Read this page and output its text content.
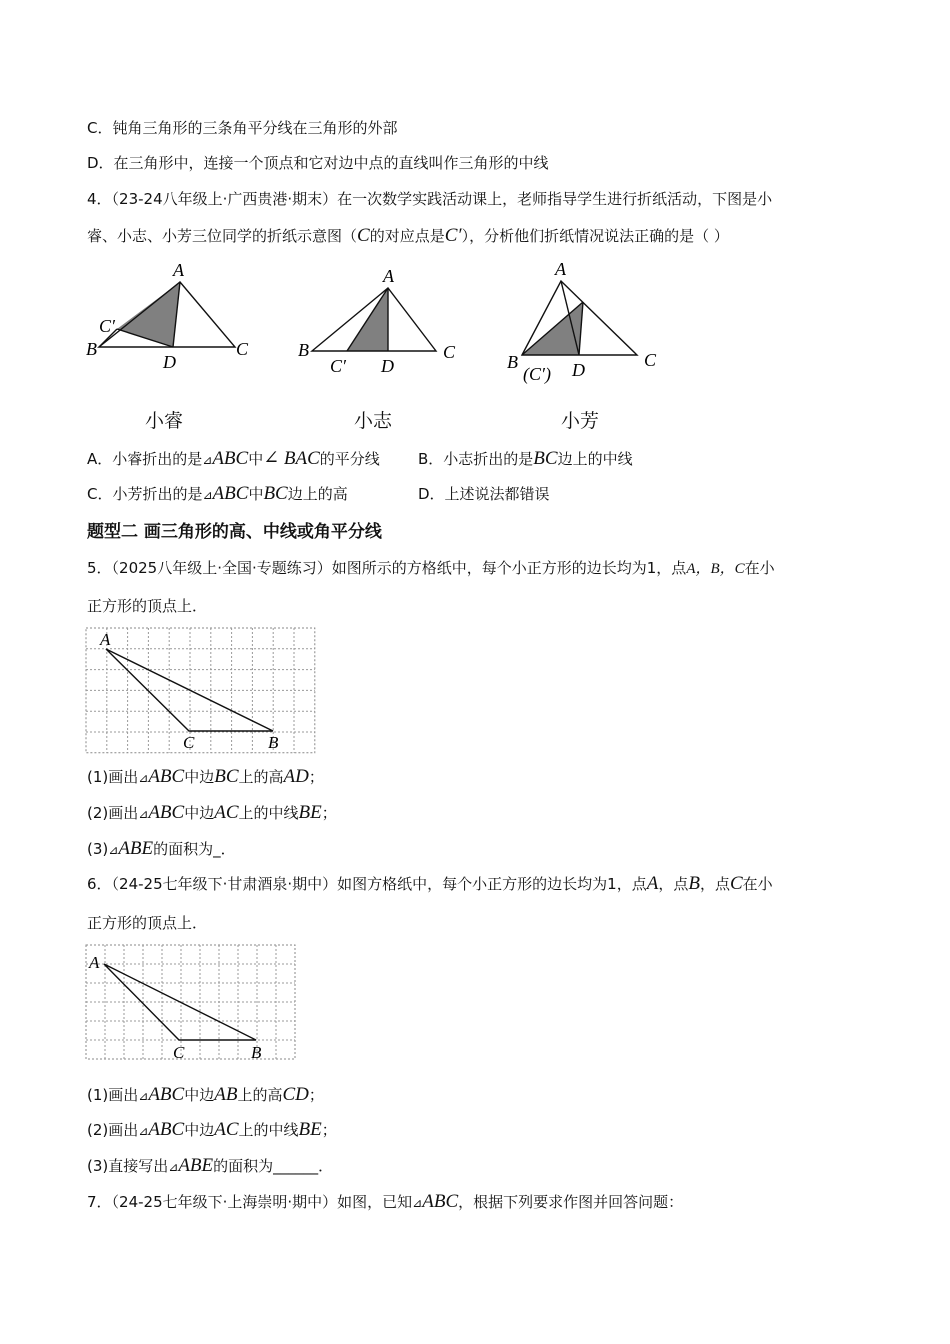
C．钝角三角形的三条角平分线在三角形的外部
D．在三角形中，连接一个顶点和它对边中点的直线叫作三角形的中线
4．（23-24八年级上·广西贵港·期末）在一次数学实践活动课上，老师指导学生进行折纸活动，下图是小
睿、小志、小芳三位同学的折纸示意图（C的对应点是C′），分析他们折纸情况说法正确的是（ ）
A
C′
B
D
C
小睿
A
B
C′ D
C
小志
A
B
(C′) D	C
小芳
A．小睿折出的是⊿ABC中∠ BAC的平分线	B．小志折出的是BC边上的中线
C．小芳折出的是⊿ABC中BC边上的高	D．上述说法都错误
题型二 画三角形的高、中线或角平分线
5．（2025八年级上·全国·专题练习）如图所示的方格纸中，每个小正方形的边长均为1，点A，B，C在小
正方形的顶点上．
A
C	B
(1)画出⊿ABC中边BC上的高AD；
(2)画出⊿ABC中边AC上的中线BE；
(3)⊿ABE的面积为_．
6．（24-25七年级下·甘肃酒泉·期中）如图方格纸中，每个小正方形的边长均为1，点A，点B，点C在小
正方形的顶点上．
A
C	B
(1)画出⊿ABC中边AB上的高CD；
(2)画出⊿ABC中边AC上的中线BE；
(3)直接写出⊿ABE的面积为______．
7．（24-25七年级下·上海崇明·期中）如图，已知⊿ABC，根据下列要求作图并回答问题：
